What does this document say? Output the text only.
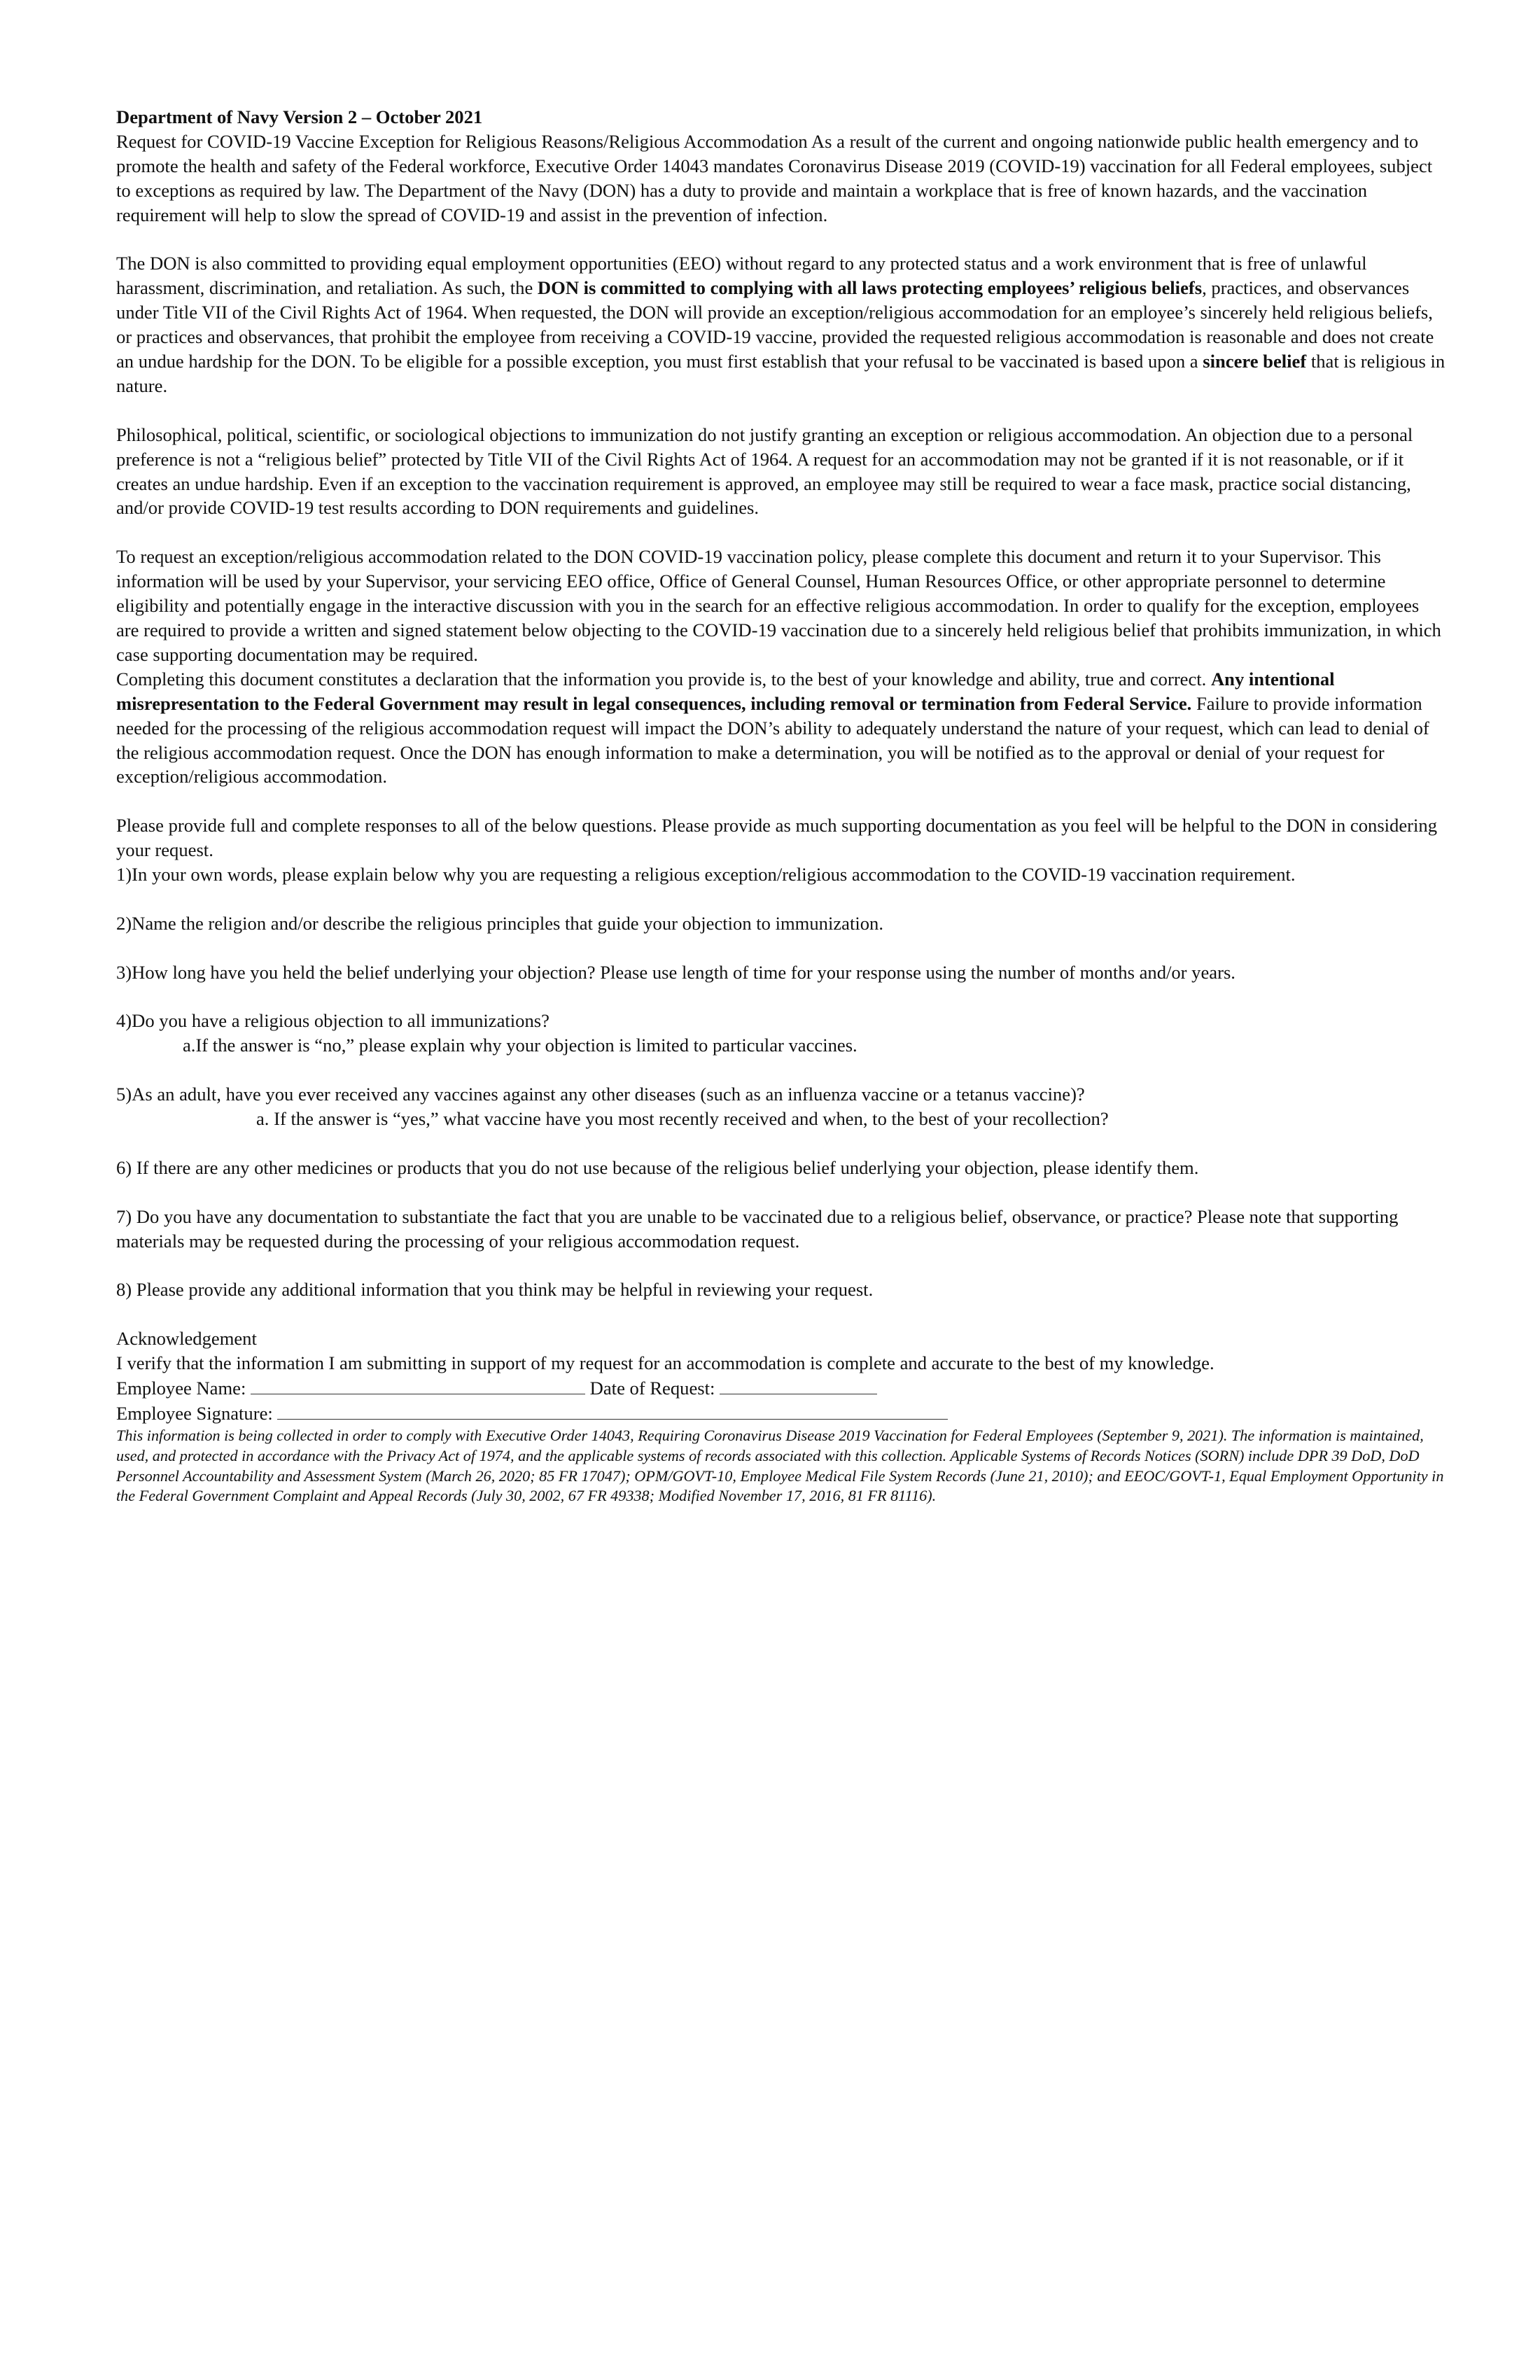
Department of Navy Version 2 – October 2021

Request for COVID-19 Vaccine Exception for Religious Reasons/Religious Accommodation As a result of the current and ongoing nationwide public health emergency and to promote the health and safety of the Federal workforce, Executive Order 14043 mandates Coronavirus Disease 2019 (COVID-19) vaccination for all Federal employees, subject to exceptions as required by law. The Department of the Navy (DON) has a duty to provide and maintain a workplace that is free of known hazards, and the vaccination requirement will help to slow the spread of COVID-19 and assist in the prevention of infection.

The DON is also committed to providing equal employment opportunities (EEO) without regard to any protected status and a work environment that is free of unlawful harassment, discrimination, and retaliation. As such, the DON is committed to complying with all laws protecting employees’ religious beliefs, practices, and observances under Title VII of the Civil Rights Act of 1964. When requested, the DON will provide an exception/religious accommodation for an employee’s sincerely held religious beliefs, or practices and observances, that prohibit the employee from receiving a COVID-19 vaccine, provided the requested religious accommodation is reasonable and does not create an undue hardship for the DON. To be eligible for a possible exception, you must first establish that your refusal to be vaccinated is based upon a sincere belief that is religious in nature.

Philosophical, political, scientific, or sociological objections to immunization do not justify granting an exception or religious accommodation. An objection due to a personal preference is not a “religious belief” protected by Title VII of the Civil Rights Act of 1964. A request for an accommodation may not be granted if it is not reasonable, or if it creates an undue hardship. Even if an exception to the vaccination requirement is approved, an employee may still be required to wear a face mask, practice social distancing, and/or provide COVID-19 test results according to DON requirements and guidelines.

To request an exception/religious accommodation related to the DON COVID-19 vaccination policy, please complete this document and return it to your Supervisor. This information will be used by your Supervisor, your servicing EEO office, Office of General Counsel, Human Resources Office, or other appropriate personnel to determine eligibility and potentially engage in the interactive discussion with you in the search for an effective religious accommodation. In order to qualify for the exception, employees are required to provide a written and signed statement below objecting to the COVID-19 vaccination due to a sincerely held religious belief that prohibits immunization, in which case supporting documentation may be required.

Completing this document constitutes a declaration that the information you provide is, to the best of your knowledge and ability, true and correct. Any intentional misrepresentation to the Federal Government may result in legal consequences, including removal or termination from Federal Service. Failure to provide information needed for the processing of the religious accommodation request will impact the DON’s ability to adequately understand the nature of your request, which can lead to denial of the religious accommodation request. Once the DON has enough information to make a determination, you will be notified as to the approval or denial of your request for exception/religious accommodation.

Please provide full and complete responses to all of the below questions. Please provide as much supporting documentation as you feel will be helpful to the DON in considering your request.

1)In your own words, please explain below why you are requesting a religious exception/religious accommodation to the COVID-19 vaccination requirement.

2)Name the religion and/or describe the religious principles that guide your objection to immunization.

3)How long have you held the belief underlying your objection? Please use length of time for your response using the number of months and/or years.

4)Do you have a religious objection to all immunizations?

a.If the answer is “no,” please explain why your objection is limited to particular vaccines.

5)As an adult, have you ever received any vaccines against any other diseases (such as an influenza vaccine or a tetanus vaccine)?

a. If the answer is “yes,” what vaccine have you most recently received and when, to the best of your recollection?

6) If there are any other medicines or products that you do not use because of the religious belief underlying your objection, please identify them.

7) Do you have any documentation to substantiate the fact that you are unable to be vaccinated due to a religious belief, observance, or practice? Please note that supporting materials may be requested during the processing of your religious accommodation request.

8) Please provide any additional information that you think may be helpful in reviewing your request.

Acknowledgement

I verify that the information I am submitting in support of my request for an accommodation is complete and accurate to the best of my knowledge.

Employee Name:	Date of Request:

Employee Signature:

This information is being collected in order to comply with Executive Order 14043, Requiring Coronavirus Disease 2019 Vaccination for Federal Employees (September 9, 2021). The information is maintained, used, and protected in accordance with the Privacy Act of 1974, and the applicable systems of records associated with this collection. Applicable Systems of Records Notices (SORN) include DPR 39 DoD, DoD Personnel Accountability and Assessment System (March 26, 2020; 85 FR 17047); OPM/GOVT-10, Employee Medical File System Records (June 21, 2010); and EEOC/GOVT-1, Equal Employment Opportunity in the Federal Government Complaint and Appeal Records (July 30, 2002, 67 FR 49338; Modified November 17, 2016, 81 FR 81116).
